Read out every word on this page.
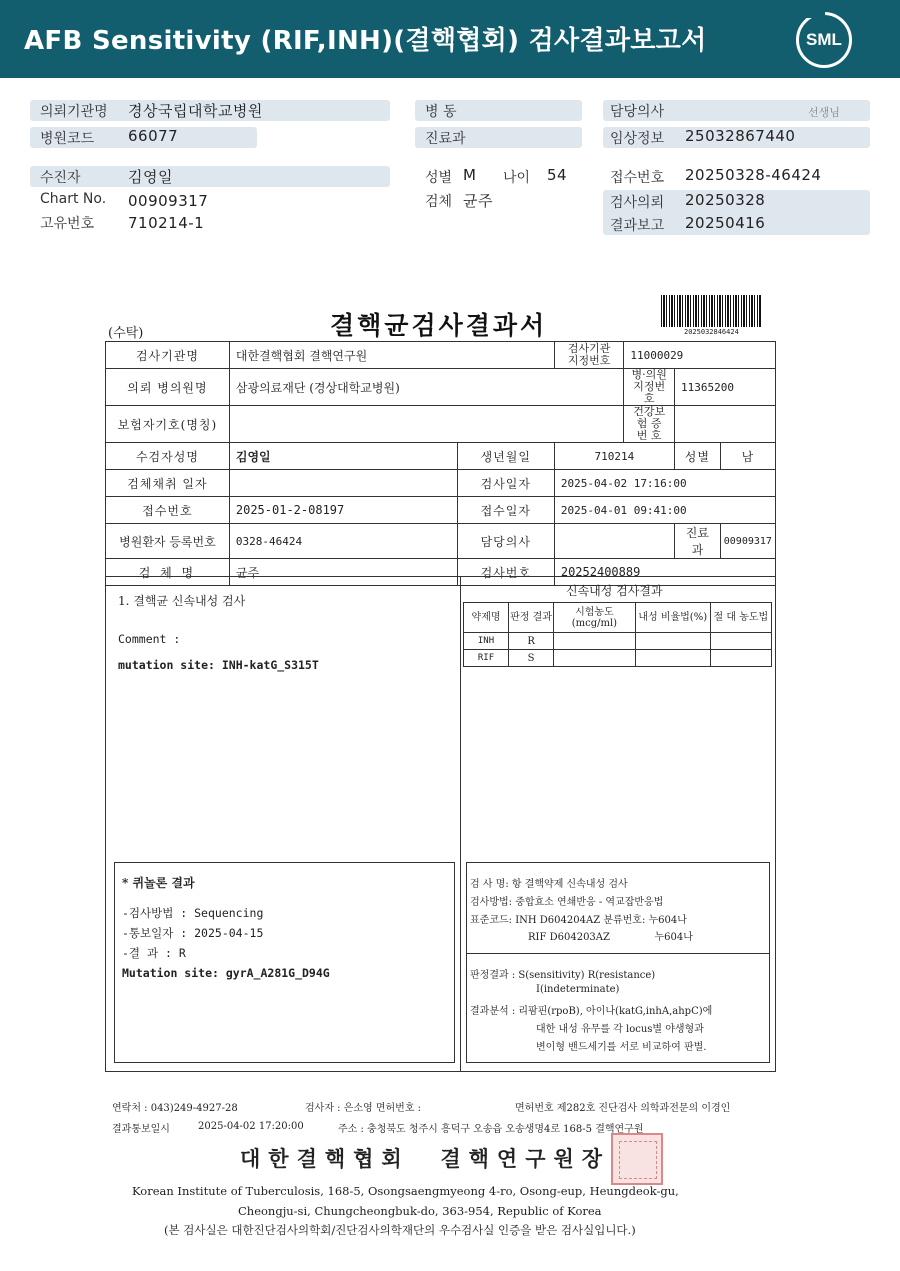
AFB Sensitivity (RIF,INH)(결핵협회) 검사결과보고서	SML
의뢰기관명 경상국립대학교병원
병원코드 66077
병 동
진료과
담당의사	선생님
임상정보 25032867440
수진자	김영일
Chart No. 00909317
고유번호 710214-1
성별 M 나이 54
검체 균주
접수번호 20250328-46424
검사의뢰 20250328
결과보고 20250416
(수탁)	결핵균검사결과서	2025032846424
검사기관명	대한결핵협회 결핵연구원		검사기관 지정번호	11000029		
의뢰 병의원명	삼광의료재단 (경상대학교병원)			병·의원 지정번호	11365200	
보험자기호(명칭)				건강보험 증 번 호		
수검자성명	김영일	생년월일	710214		성별	남
검체채취 일자		검사일자	2025-04-02 17:16:00			
접수번호	2025-01-2-08197	접수일자	2025-04-01 09:41:00			
병원환자 등록번호	0328-46424	담당의사			진료과	00909317
검 체 명	균주	검사번호	20252400889			
1. 결핵균 신속내성 검사
Comment :
mutation site: INH-katG_S315T
신속내성 검사결과
약제명	판정 결과	시험농도 (mcg/ml)	내성 비율법(%)	절 대 농도법
INH	R			
RIF	S			
* 퀴놀론 결과
-검사방법 : Sequencing
-통보일자 : 2025-04-15
-결 과 : R
Mutation site: gyrA_A281G_D94G
검 사 명: 항 결핵약제 신속내성 검사
검사방법: 중합효소 연쇄반응 - 역교잡반응법
표준코드: INH D604204AZ 분류번호: 누604나
RIF D604203AZ              누604나
판정결과 : S(sensitivity) R(resistance)
I(indeterminate)
결과분석 : 리팜핀(rpoB), 아이나(katG,inhA,ahpC)에
대한 내성 유무를 각 locus별 야생형과
변이형 밴드세기를 서로 비교하여 판별.
연락처 : 043)249-4927-28	검사자 : 은소영 면허번호 :	면허번호 제282호 진단검사 의학과전문의 이경인
결과통보일시	2025-04-02 17:20:00	주소 : 충청북도 청주시 흥덕구 오송읍 오송생명4로 168-5 결핵연구원
대한결핵협회  결핵연구원장
Korean Institute of Tuberculosis, 168-5, Osongsaengmyeong 4-ro, Osong-eup, Heungdeok-gu,
Cheongju-si, Chungcheongbuk-do, 363-954, Republic of Korea
(본 검사실은 대한진단검사의학회/진단검사의학재단의 우수검사실 인증을 받은 검사실입니다.)
